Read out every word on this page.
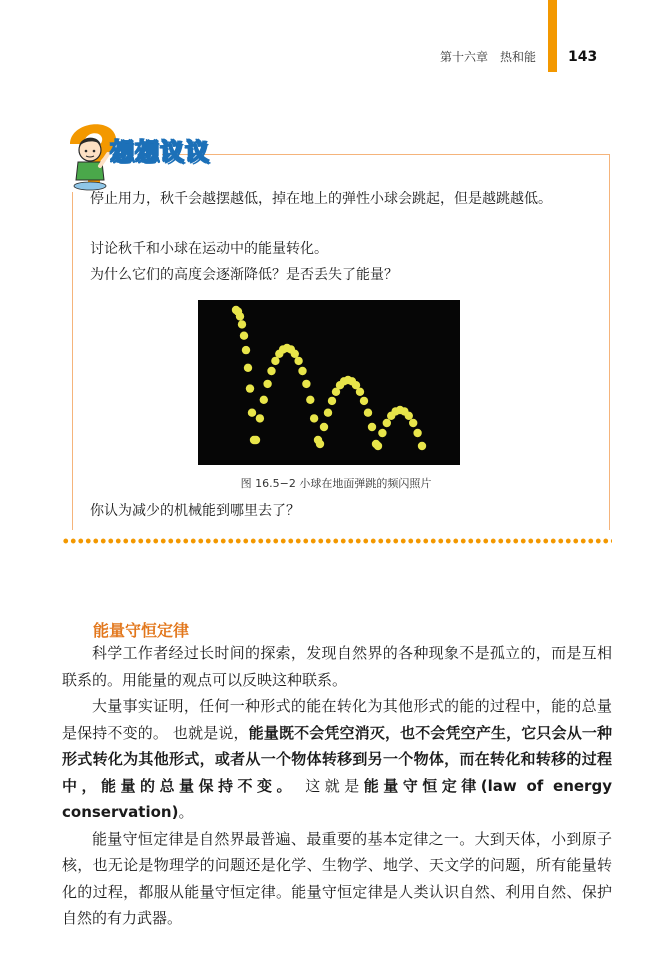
第十六章　热和能 143
想想议议
停止用力，秋千会越摆越低，掉在地上的弹性小球会跳起，但是越跳越低。
讨论秋千和小球在运动中的能量转化。
为什么它们的高度会逐渐降低？是否丢失了能量？
图 16.5−2 小球在地面弹跳的频闪照片
你认为减少的机械能到哪里去了？
能量守恒定律

科学工作者经过长时间的探索，发现自然界的各种现象不是孤立的，而是互相联系的。用能量的观点可以反映这种联系。

大量事实证明，任何一种形式的能在转化为其他形式的能的过程中，能的总量是保持不变的。 也就是说，能量既不会凭空消灭，也不会凭空产生，它只会从一种形式转化为其他形式，或者从一个物体转移到另一个物体，而在转化和转移的过程中，能量的总量保持不变。 这就是能量守恒定律(law of energy conservation)。

能量守恒定律是自然界最普遍、最重要的基本定律之一。大到天体，小到原子核，也无论是物理学的问题还是化学、生物学、地学、天文学的问题，所有能量转化的过程，都服从能量守恒定律。能量守恒定律是人类认识自然、利用自然、保护自然的有力武器。
